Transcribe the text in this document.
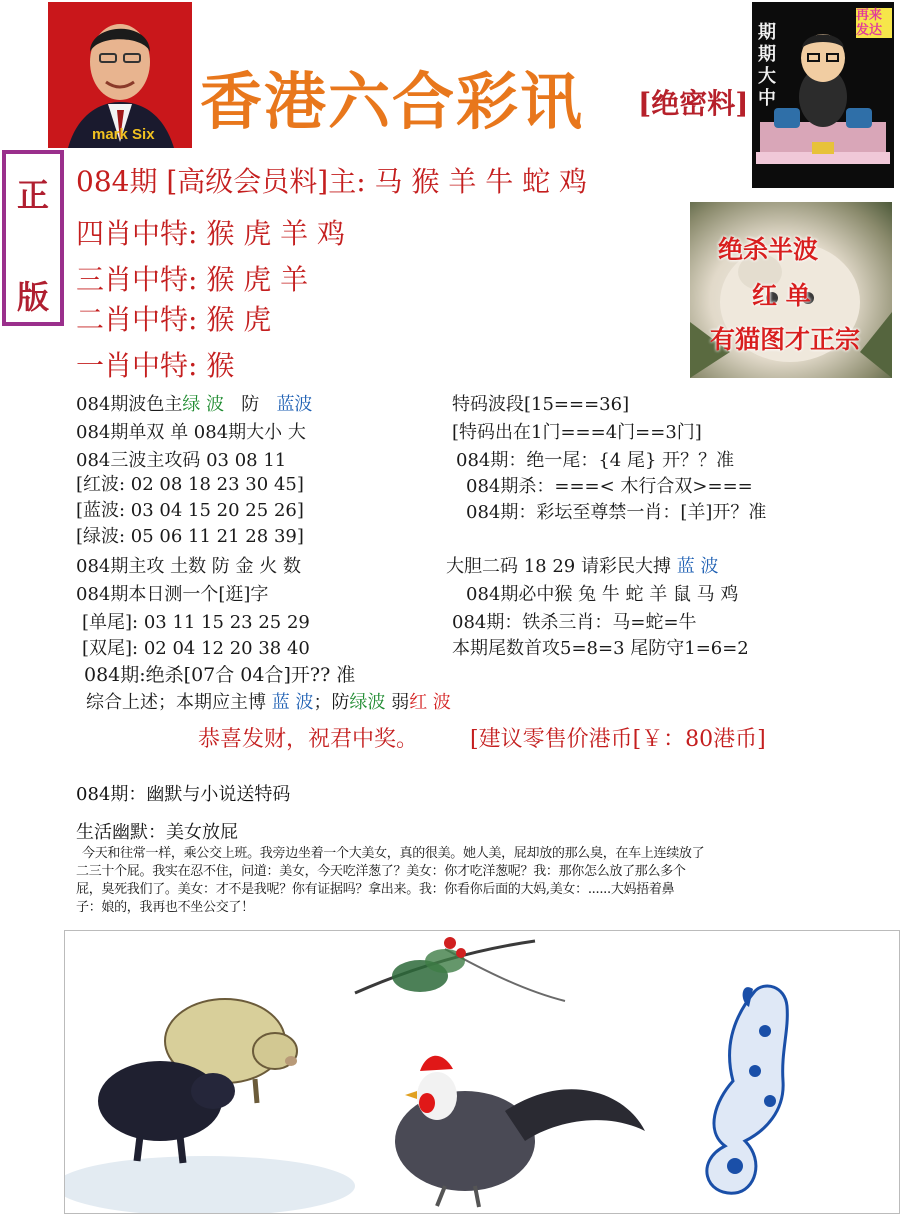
mark Six 香港六合彩讯 [绝密料]
期期大中
再来发达
正
版
084期 [高级会员料]主: 马 猴 羊 牛 蛇 鸡
四肖中特: 猴 虎 羊 鸡
三肖中特: 猴 虎 羊
二肖中特: 猴 虎
一肖中特: 猴
绝杀半波
红 单
有猫图才正宗
084期波色主绿 波 防 蓝波
084期单双 单 084期大小 大
084三波主攻码 03 08 11
[红波: 02 08 18 23 30 45]
[蓝波: 03 04 15 20 25 26]
[绿波: 05 06 11 21 28 39]
084期主攻 土数 防 金 火 数
084期本日测一个[逛]字
[单尾]: 03 11 15 23 25 29
[双尾]: 02 04 12 20 38 40
084期:绝杀[07合 04合]开?? 准
综合上述；本期应主博 蓝 波；防绿波 弱红 波
特码波段[15===36]
[特码出在1门===4门==3门]
084期：绝一尾：{4 尾} 开？？准
084期杀：===< 木行合双>===
084期：彩坛至尊禁一肖：[羊]开？准
大胆二码 18 29 请彩民大搏 蓝 波
084期必中猴 兔 牛 蛇 羊 鼠 马 鸡
084期：铁杀三肖：马=蛇=牛
本期尾数首攻5=8=3 尾防守1=6=2
恭喜发财，祝君中奖。 [建议零售价港币[￥：80港币]
084期：幽默与小说送特码
生活幽默：美女放屁
今天和往常一样，乘公交上班。我旁边坐着一个大美女，真的很美。她人美，屁却放的那么臭，在车上连续放了
二三十个屁。我实在忍不住，问道：美女，今天吃洋葱了？美女：你才吃洋葱呢？我：那你怎么放了那么多个
屁，臭死我们了。美女：才不是我呢？你有证据吗？拿出来。我：你看你后面的大妈,美女：......大妈捂着鼻
子：娘的，我再也不坐公交了！
